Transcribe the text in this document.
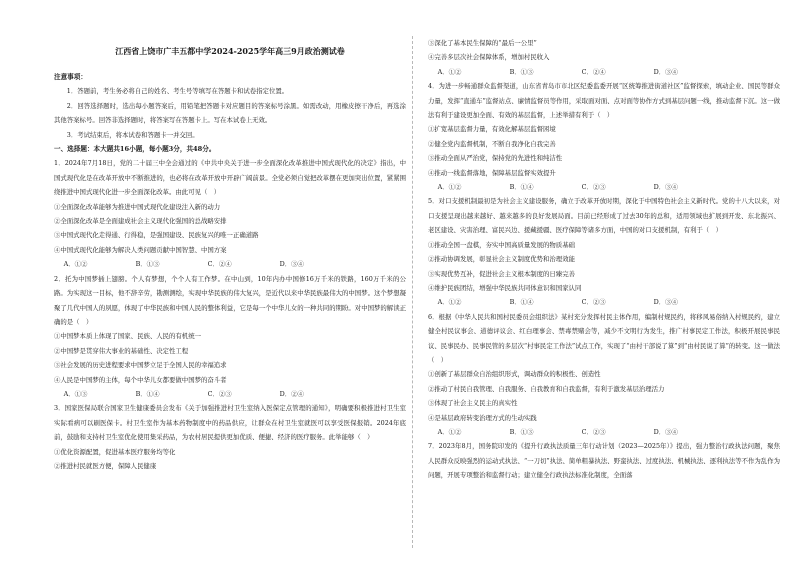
江西省上饶市广丰五都中学2024-2025学年高三9月政治测试卷
注意事项：
1．答题前，考生务必将自己的姓名、考生号等填写在答题卡和试卷指定位置。
2．回答选择题时，选出每小题答案后，用铅笔把答题卡对应题目的答案标号涂黑。如需改动，用橡皮擦干净后，再选涂其他答案标号。回答非选择题时，将答案写在答题卡上。写在本试卷上无效。
3．考试结束后，将本试卷和答题卡一并交回。
一、选择题：本大题共16小题，每小题3分，共48分。
1．2024年7月18日，党的二十届三中全会通过的《中共中央关于进一步全面深化改革推进中国式现代化的决定》指出，中国式现代化是在改革开放中不断推进的，也必将在改革开放中开辟广阔前景。全党必须自觉把改革摆在更加突出位置，紧紧围绕推进中国式现代化进一步全面深化改革。由此可见（　）
①全面深化改革能够为推进中国式现代化建设注入新的动力
②全面深化改革是全面建成社会主义现代化强国的总战略安排
③中国式现代化走得通、行得稳，是强国建设、民族复兴的唯一正确道路
④中国式现代化能够为解决人类问题贡献中国智慧、中国方案
A．①②	B．①③	C．②④	D．③④
2．托为中国梦插上翅膀。个人有梦想，个个人有工作梦。在中山到，10年内办中国修16万千米的铁路，160万千米的公路。为实现这一目标，他不辞辛劳，勘测测绘，实现中华民族的伟大复兴，是近代以来中华民族最伟大的中国梦。这个梦想凝聚了几代中国人的夙愿，体现了中华民族和中国人民的整体利益，它是每一个中华儿女的一种共同的期盼。对中国梦的解读正确的是（　）
①中国梦本质上体现了国家、民族、人民的有机统一
②中国梦是贯穿伟大事业的基础性、决定性工程
③社会发展的历史进程要求中国梦立足于全国人民的幸福追求
④人民是中国梦的主体，每个中华儿女都要做中国梦的奋斗者
A．①③	B．①④	C．②③	D．②④
3．国家医保局联合国家卫生健康委员会发布《关于加强推进村卫生室纳入医保定点管理的通知》，明确要积极推进村卫生室实际看病可以刷医保卡。村卫生室作为基本药物制度中的药品供应，让群众在村卫生室就医可以享受医保报销。2024年底前，鼓励和支持村卫生室优化使用集采药品，为农村居民提供更加优质、便捷、经济的医疗服务。此举能够（　）
①优化资源配置，促进基本医疗服务均等化
②推进村民就医方便，保障人民健康
③深化了基本民生保障的“最后一公里”
④完善多层次社会保障体系，增加村民收入
A．①②	B．①③	C．②④	D．③④
4．为进一步畅通群众监督渠道，山东省青岛市市北区纪委监委开展“区统筹推进街道社区”监督探索，填动企业、国民等群众力量，发挥“直通车”监督站点、廉情监督员等作用，采取面对面、点对面等协作方式到基层问题一线，推动监督下沉。这一做法有利于建设更加全面、有效的基层监督，上述举措有利于（　）
①扩宽基层监督力量，有效化解基层监督困境
②健全党内监督机制，不断自我净化自我完善
③推动全面从严治党，保持党的先进性和纯洁性
④推动一线监督落地，保障基层监督实效提升
A．①②	B．①④	C．②③	D．③④
5．对口支援机制最初是为社会主义建设服务，确立于改革开放时期，深化于中国特色社会主义新时代。党的十八大以来，对口支援呈现出越来越好、越来越多的良好发展局面。目前已经形成了过去30年的总和，适用领域也扩展到开发、东北振兴、老区建设、灾害治理、富民兴边、援藏援疆、医疗保障等诸多方面，中国的对口支援机制，有利于（　）
①推动全国一盘棋，夯实中国高质量发展的物质基础
②推动协调发展，彰显社会主义制度优势和治理效能
③实现优势互补，促进社会主义根本制度的日臻完善
④维护民族团结，增强中华民族共同体意识和国家认同
A．①②	B．①④	C．②③	D．③④
6．根据《中华人民共和国村民委员会组织法》某村充分发挥村民主体作用，编制村规民约，将移风易俗纳入村规民约，建立健全村民议事会、道德评议会、红白理事会、禁毒禁赌会等，减少不文明行为发生，推广村事民定工作法，积极开展民事民议、民事民办、民事民管的多层次“村事民定工作法”试点工作，实现了“由村干部说了算”到“由村民说了算”的转变。这一做法（　）
①创新了基层群众自治组织形式，调动群众的积极性、创造性
②推动了村民自我管理、自我服务、自我教育和自我监督，有利于激发基层治理活力
③体现了社会主义民主的真实性
④是基层政府转变治理方式的生动实践
A．①②	B．①③	C．②③	D．③④
7．2023年8月，国务院印发的《提升行政执法质量三年行动计划（2023—2025年）》提出，强力整治行政执法问题，聚焦人民群众反映强烈的运动式执法、“一刀切”执法、简单粗暴执法、野蛮执法、过度执法、机械执法、逐利执法等不作为乱作为问题，开展专项整治和监督行动；建立健全行政执法标准化制度，全面落
